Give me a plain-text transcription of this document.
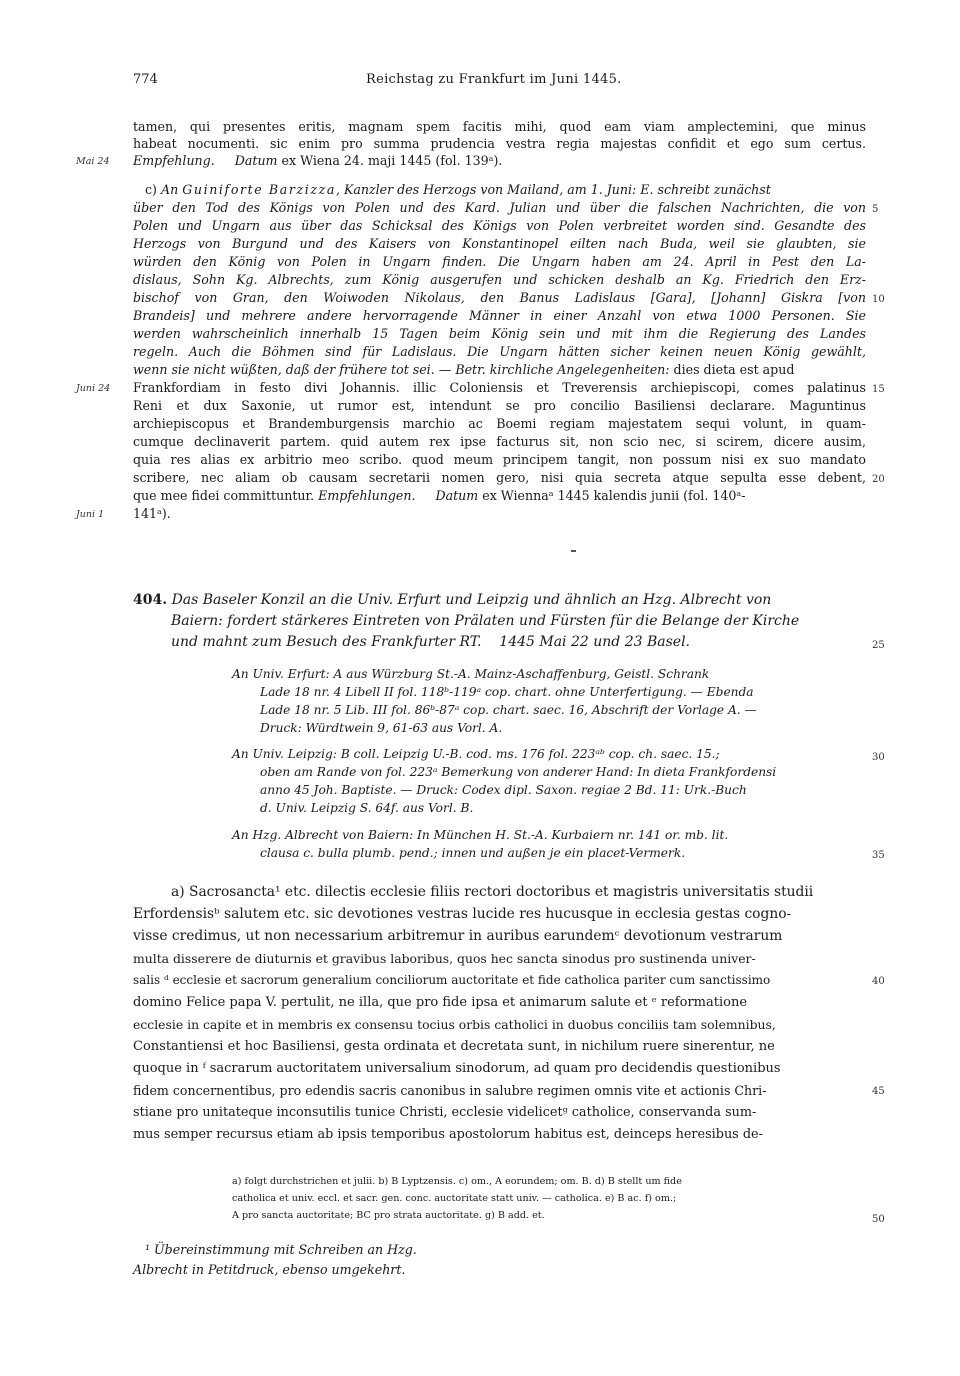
774	Reichstag zu Frankfurt im Juni 1445.
tamen, qui presentes eritis, magnam spem facitis mihi, quod eam viam amplectemini, que minus
habeat nocumenti. sic enim pro summa prudencia vestra regia majestas confidit et ego sum certus.
Empfehlung. Datum ex Wiena 24. maji 1445 (fol. 139ᵃ).
Mai 24
c) An Guiniforte Barzizza, Kanzler des Herzogs von Mailand, am 1. Juni: E. schreibt zunächst
über den Tod des Königs von Polen und des Kard. Julian und über die falschen Nachrichten, die von
Polen und Ungarn aus über das Schicksal des Königs von Polen verbreitet worden sind. Gesandte des
Herzogs von Burgund und des Kaisers von Konstantinopel eilten nach Buda, weil sie glaubten, sie
würden den König von Polen in Ungarn finden. Die Ungarn haben am 24. April in Pest den La-
dislaus, Sohn Kg. Albrechts, zum König ausgerufen und schicken deshalb an Kg. Friedrich den Erz-
bischof von Gran, den Woiwoden Nikolaus, den Banus Ladislaus [Gara], [Johann] Giskra [von
Brandeis] und mehrere andere hervorragende Männer in einer Anzahl von etwa 1000 Personen. Sie
werden wahrscheinlich innerhalb 15 Tagen beim König sein und mit ihm die Regierung des Landes
regeln. Auch die Böhmen sind für Ladislaus. Die Ungarn hätten sicher keinen neuen König gewählt,
wenn sie nicht wüßten, daß der frühere tot sei. — Betr. kirchliche Angelegenheiten: dies dieta est apud
Frankfordiam in festo divi Johannis. illic Coloniensis et Treverensis archiepiscopi, comes palatinus
Reni et dux Saxonie, ut rumor est, intendunt se pro concilio Basiliensi declarare. Maguntinus
archiepiscopus et Brandemburgensis marchio ac Boemi regiam majestatem sequi volunt, in quam-
cumque declinaverit partem. quid autem rex ipse facturus sit, non scio nec, si scirem, dicere ausim,
quia res alias ex arbitrio meo scribo. quod meum principem tangit, non possum nisi ex suo mandato
scribere, nec aliam ob causam secretarii nomen gero, nisi quia secreta atque sepulta esse debent,
que mee fidei committuntur. Empfehlungen. Datum ex Wiennaᵃ 1445 kalendis junii (fol. 140ᵃ-
141ᵃ).
Juni 24
Juni 1
404. Das Baseler Konzil an die Univ. Erfurt und Leipzig und ähnlich an Hzg. Albrecht von
Baiern: fordert stärkeres Eintreten von Prälaten und Fürsten für die Belange der Kirche
und mahnt zum Besuch des Frankfurter RT. 1445 Mai 22 und 23 Basel.
An Univ. Erfurt: A aus Würzburg St.-A. Mainz-Aschaffenburg, Geistl. Schrank
Lade 18 nr. 4 Libell II fol. 118ᵇ-119ᵃ cop. chart. ohne Unterfertigung. — Ebenda
Lade 18 nr. 5 Lib. III fol. 86ᵇ-87ᵃ cop. chart. saec. 16, Abschrift der Vorlage A. —
Druck: Würdtwein 9, 61-63 aus Vorl. A.
An Univ. Leipzig: B coll. Leipzig U.-B. cod. ms. 176 fol. 223ᵃᵇ cop. ch. saec. 15.;
oben am Rande von fol. 223ᵃ Bemerkung von anderer Hand: In dieta Frankfordensi
anno 45 Joh. Baptiste. — Druck: Codex dipl. Saxon. regiae 2 Bd. 11: Urk.-Buch
d. Univ. Leipzig S. 64f. aus Vorl. B.
An Hzg. Albrecht von Baiern: In München H. St.-A. Kurbaiern nr. 141 or. mb. lit.
clausa c. bulla plumb. pend.; innen und außen je ein placet-Vermerk.
a) Sacrosancta¹ etc. dilectis ecclesie filiis rectori doctoribus et magistris universitatis studii
Erfordensisᵇ salutem etc. sic devotiones vestras lucide res hucusque in ecclesia gestas cogno-
visse credimus, ut non necessarium arbitremur in auribus earundemᶜ devotionum vestrarum
multa disserere de diuturnis et gravibus laboribus, quos hec sancta sinodus pro sustinenda univer-
salis ᵈ ecclesie et sacrorum generalium conciliorum auctoritate et fide catholica pariter cum sanctissimo
domino Felice papa V. pertulit, ne illa, que pro fide ipsa et animarum salute et ᵉ reformatione
ecclesie in capite et in membris ex consensu tocius orbis catholici in duobus conciliis tam solemnibus,
Constantiensi et hoc Basiliensi, gesta ordinata et decretata sunt, in nichilum ruere sinerentur, ne
quoque in ᶠ sacrarum auctoritatem universalium sinodorum, ad quam pro decidendis questionibus
fidem concernentibus, pro edendis sacris canonibus in salubre regimen omnis vite et actionis Chri-
stiane pro unitateque inconsutilis tunice Christi, ecclesie videlicetᵍ catholice, conservanda sum-
mus semper recursus etiam ab ipsis temporibus apostolorum habitus est, deinceps heresibus de-
a) folgt durchstrichen et julii. b) B Lyptzensis. c) om., A eorundem; om. B. d) B stellt um fide
catholica et univ. eccl. et sacr. gen. conc. auctoritate statt univ. — catholica. e) B ac. f) om.;
A pro sancta auctoritate; BC pro strata auctoritate. g) B add. et.
¹ Übereinstimmung mit Schreiben an Hzg.
Albrecht in Petitdruck, ebenso umgekehrt.
5
10
15
20
25
30
35
40
45
50
